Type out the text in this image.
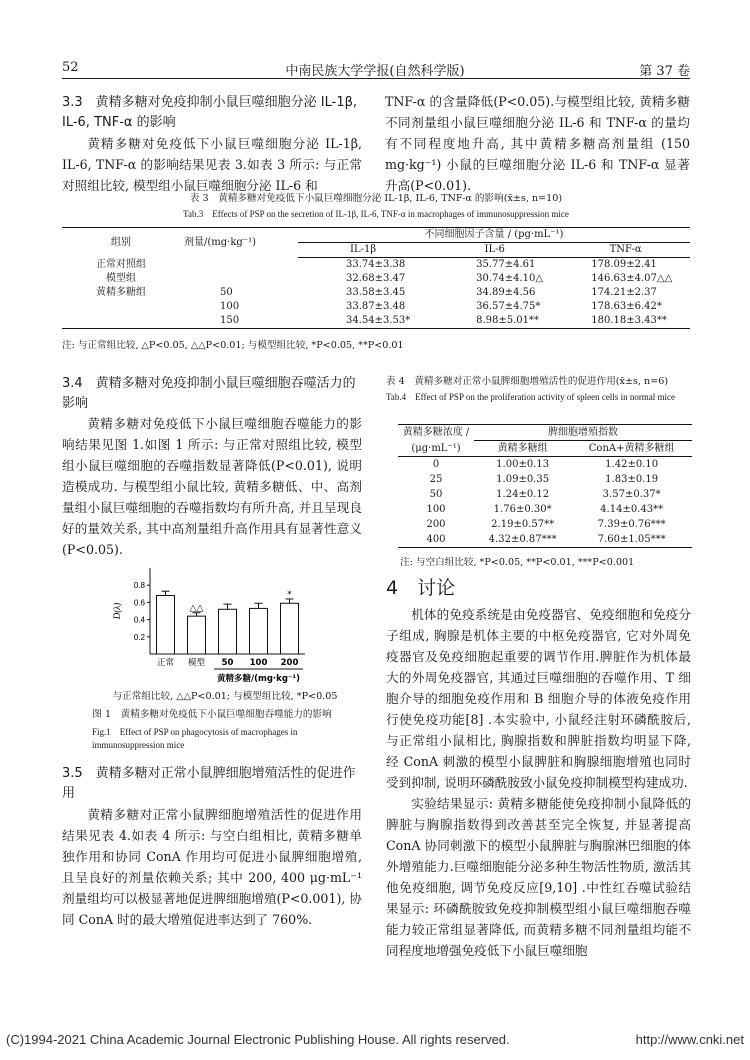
52	中南民族大学学报(自然科学版)	第 37 卷
3.3　黄精多糖对免疫抑制小鼠巨噬细胞分泌 IL-1β, IL-6, TNF-α 的影响

黄精多糖对免疫低下小鼠巨噬细胞分泌 IL-1β, IL-6, TNF-α 的影响结果见表 3.如表 3 所示: 与正常对照组比较, 模型组小鼠巨噬细胞分泌 IL-6 和

TNF-α 的含量降低(P<0.05).与模型组比较, 黄精多糖不同剂量组小鼠巨噬细胞分泌 IL-6 和 TNF-α 的量均有不同程度地升高, 其中黄精多糖高剂量组 (150 mg·kg⁻¹) 小鼠的巨噬细胞分泌 IL-6 和 TNF-α 显著升高(P<0.01).

表 3　黄精多糖对免疫低下小鼠巨噬细胞分泌 IL-1β, IL-6, TNF-α 的影响(x̄±s, n=10)
Tab.3　Effects of PSP on the secretion of IL-1β, IL-6, TNF-α in macrophages of immunosuppression mice
组别	剂量/(mg·kg⁻¹)	不同细胞因子含量 / (pg·mL⁻¹)		
		IL-1β	IL-6	TNF-α
正常对照组		33.74±3.38	35.77±4.61	178.09±2.41
模型组		32.68±3.47	30.74±4.10△	146.63±4.07△△
黄精多糖组	50	33.58±3.45	34.89±4.56	174.21±2.37
	100	33.87±3.48	36.57±4.75*	178.63±6.42*
	150	34.54±3.53*	8.98±5.01**	180.18±3.43**
注: 与正常组比较, △P<0.05, △△P<0.01; 与模型组比较, *P<0.05, **P<0.01
3.4　黄精多糖对免疫抑制小鼠巨噬细胞吞噬活力的影响

黄精多糖对免疫低下小鼠巨噬细胞吞噬能力的影响结果见图 1.如图 1 所示: 与正常对照组比较, 模型组小鼠巨噬细胞的吞噬指数显著降低(P<0.01), 说明造模成功. 与模型组小鼠比较, 黄精多糖低、中、高剂量组小鼠巨噬细胞的吞噬指数均有所升高, 并且呈现良好的量效关系, 其中高剂量组升高作用具有显著性意义(P<0.05).

0.2
0.4
0.6
0.8
D(λ)
正常
△△
模型 50 100
*
200
黄精多糖/(mg·kg⁻¹)
与正常组比较, △△P<0.01; 与模型组比较, *P<0.05
图 1　黄精多糖对免疫低下小鼠巨噬细胞吞噬能力的影响
Fig.1　Effect of PSP on phagocytosis of macrophages in immunosuppression mice
3.5　黄精多糖对正常小鼠脾细胞增殖活性的促进作用

黄精多糖对正常小鼠脾细胞增殖活性的促进作用结果见表 4.如表 4 所示: 与空白组相比, 黄精多糖单独作用和协同 ConA 作用均可促进小鼠脾细胞增殖, 且呈良好的剂量依赖关系; 其中 200, 400 μg·mL⁻¹剂量组均可以极显著地促进脾细胞增殖(P<0.001), 协同 ConA 时的最大增殖促进率达到了 760%.

表 4　黄精多糖对正常小鼠脾细胞增殖活性的促进作用(x̄±s, n=6)
Tab.4　Effect of PSP on the proliferation activity of spleen cells in normal mice
黄精多糖浓度 /	脾细胞增殖指数	
(μg·mL⁻¹)	黄精多糖组	ConA+黄精多糖组
0	1.00±0.13	1.42±0.10
25	1.09±0.35	1.83±0.19
50	1.24±0.12	3.57±0.37*
100	1.76±0.30*	4.14±0.43**
200	2.19±0.57**	7.39±0.76***
400	4.32±0.87***	7.60±1.05***
注: 与空白组比较, *P<0.05, **P<0.01, ***P<0.001
4　讨论

机体的免疫系统是由免疫器官、免疫细胞和免疫分子组成, 胸腺是机体主要的中枢免疫器官, 它对外周免疫器官及免疫细胞起重要的调节作用.脾脏作为机体最大的外周免疫器官, 其通过巨噬细胞的吞噬作用、T 细胞介导的细胞免疫作用和 B 细胞介导的体液免疫作用行使免疫功能[8] .本实验中, 小鼠经注射环磷酰胺后, 与正常组小鼠相比, 胸腺指数和脾脏指数均明显下降, 经 ConA 刺激的模型小鼠脾脏和胸腺细胞增殖也同时受到抑制, 说明环磷酰胺致小鼠免疫抑制模型构建成功.

实验结果显示: 黄精多糖能使免疫抑制小鼠降低的脾脏与胸腺指数得到改善甚至完全恢复, 并显著提高 ConA 协同刺激下的模型小鼠脾脏与胸腺淋巴细胞的体外增殖能力.巨噬细胞能分泌多种生物活性物质, 激活其他免疫细胞, 调节免疫反应[9,10] .中性红吞噬试验结果显示: 环磷酰胺致免疫抑制模型组小鼠巨噬细胞吞噬能力较正常组显著降低, 而黄精多糖不同剂量组均能不同程度地增强免疫低下小鼠巨噬细胞

(C)1994-2021 China Academic Journal Electronic Publishing House. All rights reserved.	http://www.cnki.net
